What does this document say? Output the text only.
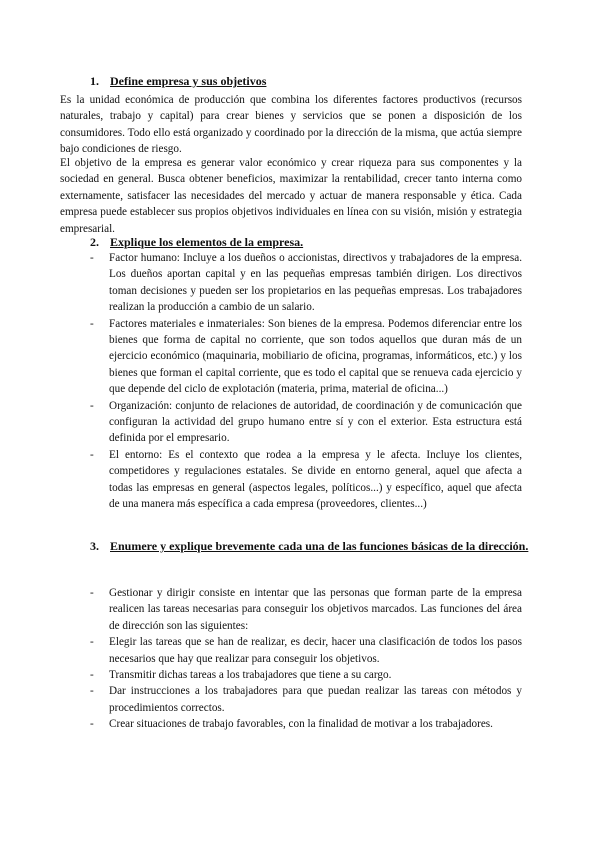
1. Define empresa y sus objetivos

Es la unidad económica de producción que combina los diferentes factores productivos (recursos naturales, trabajo y capital) para crear bienes y servicios que se ponen a disposición de los consumidores. Todo ello está organizado y coordinado por la dirección de la misma, que actúa siempre bajo condiciones de riesgo.

El objetivo de la empresa es generar valor económico y crear riqueza para sus componentes y la sociedad en general. Busca obtener beneficios, maximizar la rentabilidad, crecer tanto interna como externamente, satisfacer las necesidades del mercado y actuar de manera responsable y ética. Cada empresa puede establecer sus propios objetivos individuales en línea con su visión, misión y estrategia empresarial.

2. Explique los elementos de la empresa.
- Factor humano: Incluye a los dueños o accionistas, directivos y trabajadores de la empresa. Los dueños aportan capital y en las pequeñas empresas también dirigen. Los directivos toman decisiones y pueden ser los propietarios en las pequeñas empresas. Los trabajadores realizan la producción a cambio de un salario.
- Factores materiales e inmateriales: Son bienes de la empresa. Podemos diferenciar entre los bienes que forma de capital no corriente, que son todos aquellos que duran más de un ejercicio económico (maquinaria, mobiliario de oficina, programas, informáticos, etc.) y los bienes que forman el capital corriente, que es todo el capital que se renueva cada ejercicio y que depende del ciclo de explotación (materia, prima, material de oficina...)
- Organización: conjunto de relaciones de autoridad, de coordinación y de comunicación que configuran la actividad del grupo humano entre sí y con el exterior. Esta estructura está definida por el empresario.
- El entorno: Es el contexto que rodea a la empresa y le afecta. Incluye los clientes, competidores y regulaciones estatales. Se divide en entorno general, aquel que afecta a todas las empresas en general (aspectos legales, políticos...) y específico, aquel que afecta de una manera más específica a cada empresa (proveedores, clientes...)
3. Enumere y explique brevemente cada una de las funciones básicas de la dirección.
- Gestionar y dirigir consiste en intentar que las personas que forman parte de la empresa realicen las tareas necesarias para conseguir los objetivos marcados. Las funciones del área de dirección son las siguientes:
- Elegir las tareas que se han de realizar, es decir, hacer una clasificación de todos los pasos necesarios que hay que realizar para conseguir los objetivos.
- Transmitir dichas tareas a los trabajadores que tiene a su cargo.
- Dar instrucciones a los trabajadores para que puedan realizar las tareas con métodos y procedimientos correctos.
- Crear situaciones de trabajo favorables, con la finalidad de motivar a los trabajadores.
